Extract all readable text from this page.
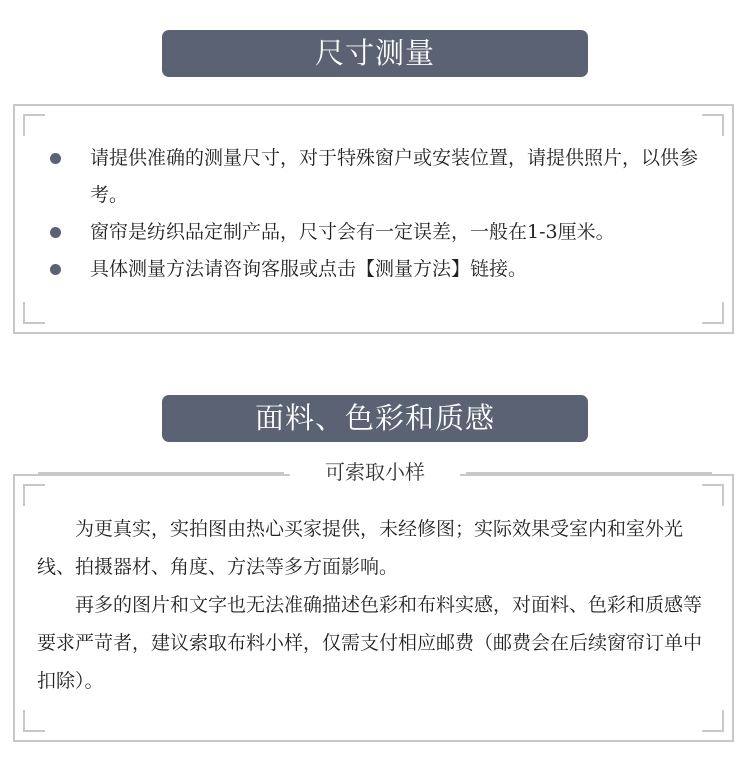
尺寸测量
请提供准确的测量尺寸，对于特殊窗户或安装位置，请提供照片，以供参考。
窗帘是纺织品定制产品，尺寸会有一定误差，一般在1-3厘米。
具体测量方法请咨询客服或点击【测量方法】链接。
面料、色彩和质感
可索取小样

为更真实，实拍图由热心买家提供，未经修图；实际效果受室内和室外光线、拍摄器材、角度、方法等多方面影响。

再多的图片和文字也无法准确描述色彩和布料实感，对面料、色彩和质感等要求严苛者，建议索取布料小样，仅需支付相应邮费（邮费会在后续窗帘订单中扣除）。
